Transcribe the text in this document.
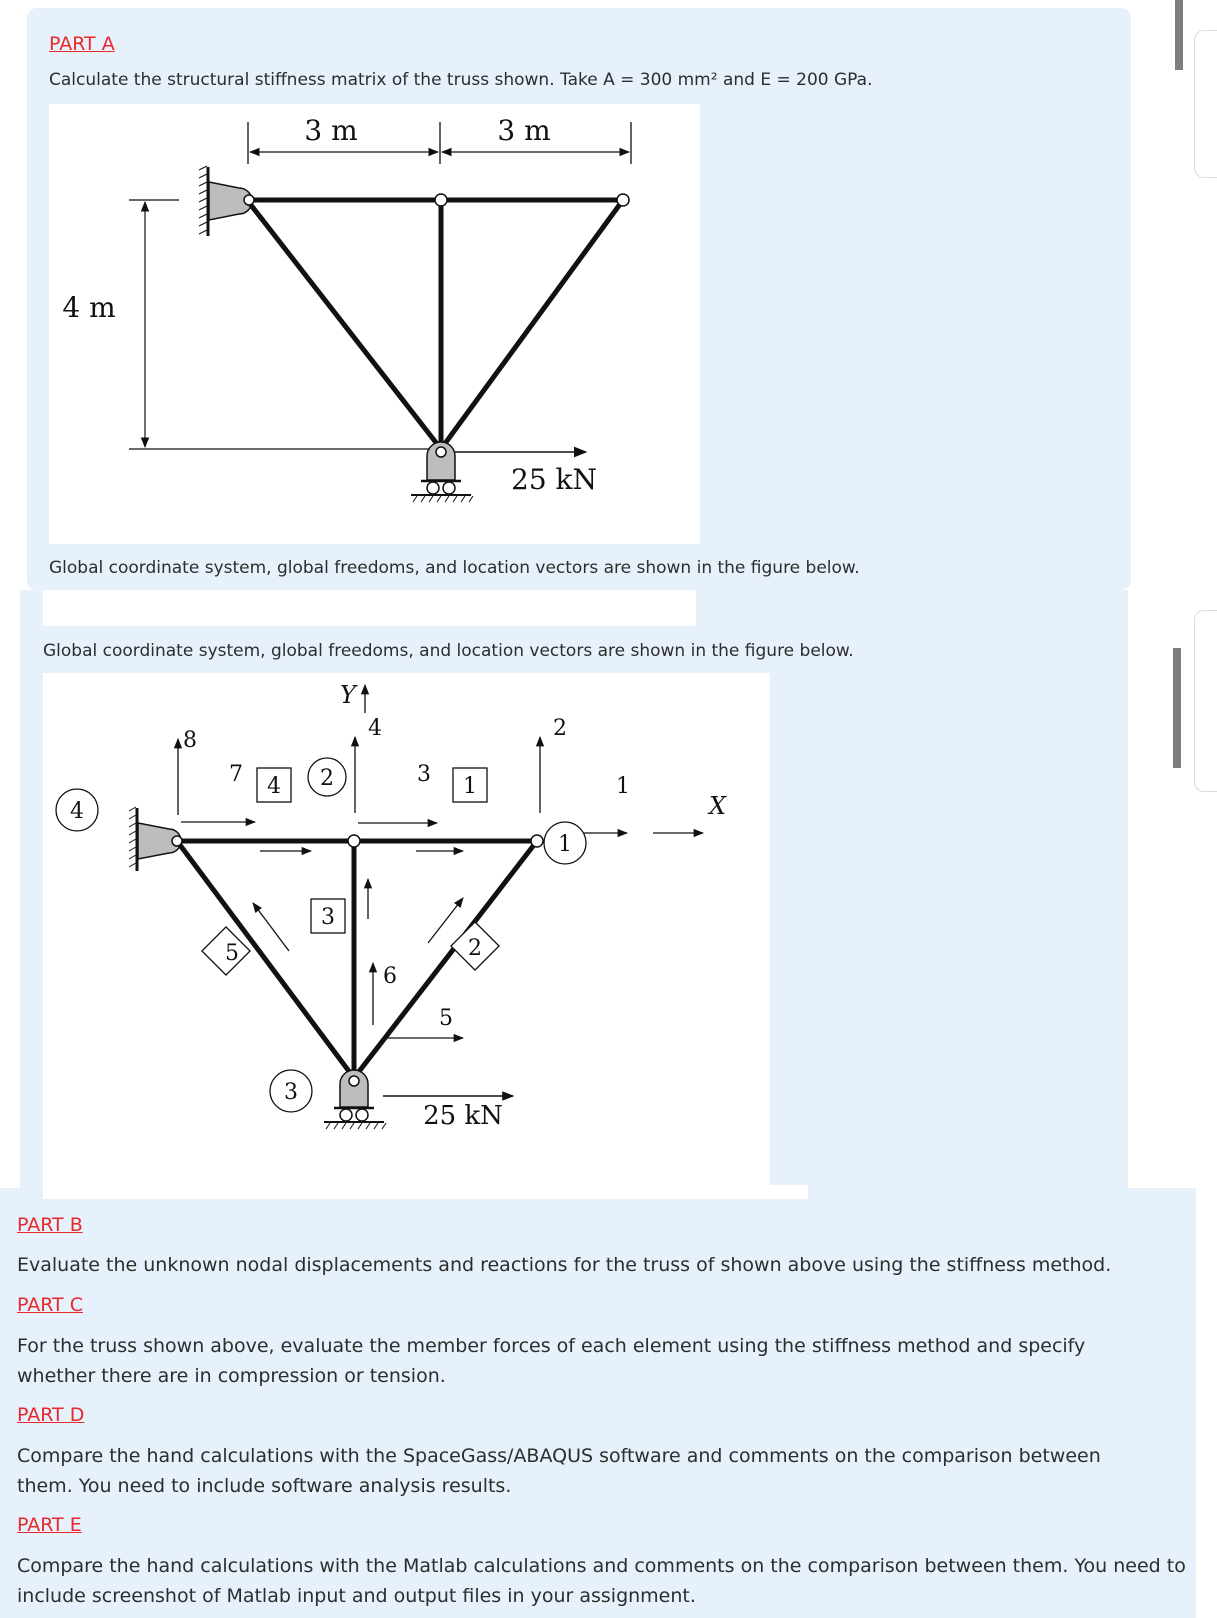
PART A
Calculate the structural stiffness matrix of the truss shown. Take A = 300 mm² and E = 200 GPa.
3 m	3 m
4 m
25 kN
Global coordinate system, global freedoms, and location vectors are shown in the figure below.
Global coordinate system, global freedoms, and location vectors are shown in the figure below.
Y
8
7
4
3
2
1
6
5
X
4	1
3
5	2
4
2
1
3
25 kN
PART B
Evaluate the unknown nodal displacements and reactions for the truss of shown above using the stiffness method.
PART C
For the truss shown above, evaluate the member forces of each element using the stiffness method and specify whether there are in compression or tension.
PART D
Compare the hand calculations with the SpaceGass/ABAQUS software and comments on the comparison between them. You need to include software analysis results.
PART E
Compare the hand calculations with the Matlab calculations and comments on the comparison between them. You need to include screenshot of Matlab input and output files in your assignment.
